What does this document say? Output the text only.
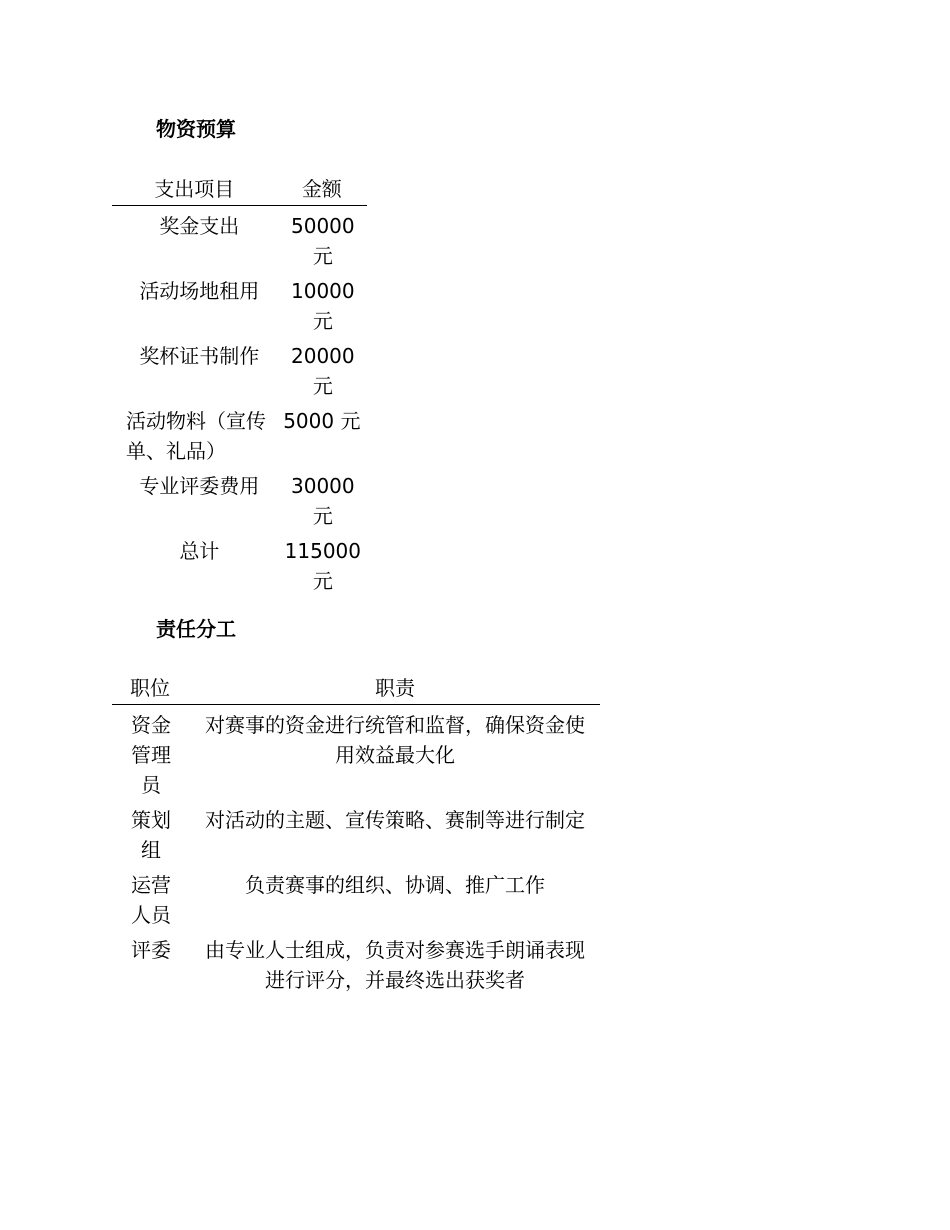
物资预算
支出项目	金额
奖金支出	50000 元
活动场地租用	10000 元
奖杯证书制作	20000 元
活动物料（宣传单、礼品）	5000 元
专业评委费用	30000 元
总计	115000 元
责任分工
职位	职责
资金管理员	对赛事的资金进行统管和监督，确保资金使用效益最大化
策划组	对活动的主题、宣传策略、赛制等进行制定
运营人员	负责赛事的组织、协调、推广工作
评委	由专业人士组成，负责对参赛选手朗诵表现进行评分，并最终选出获奖者
